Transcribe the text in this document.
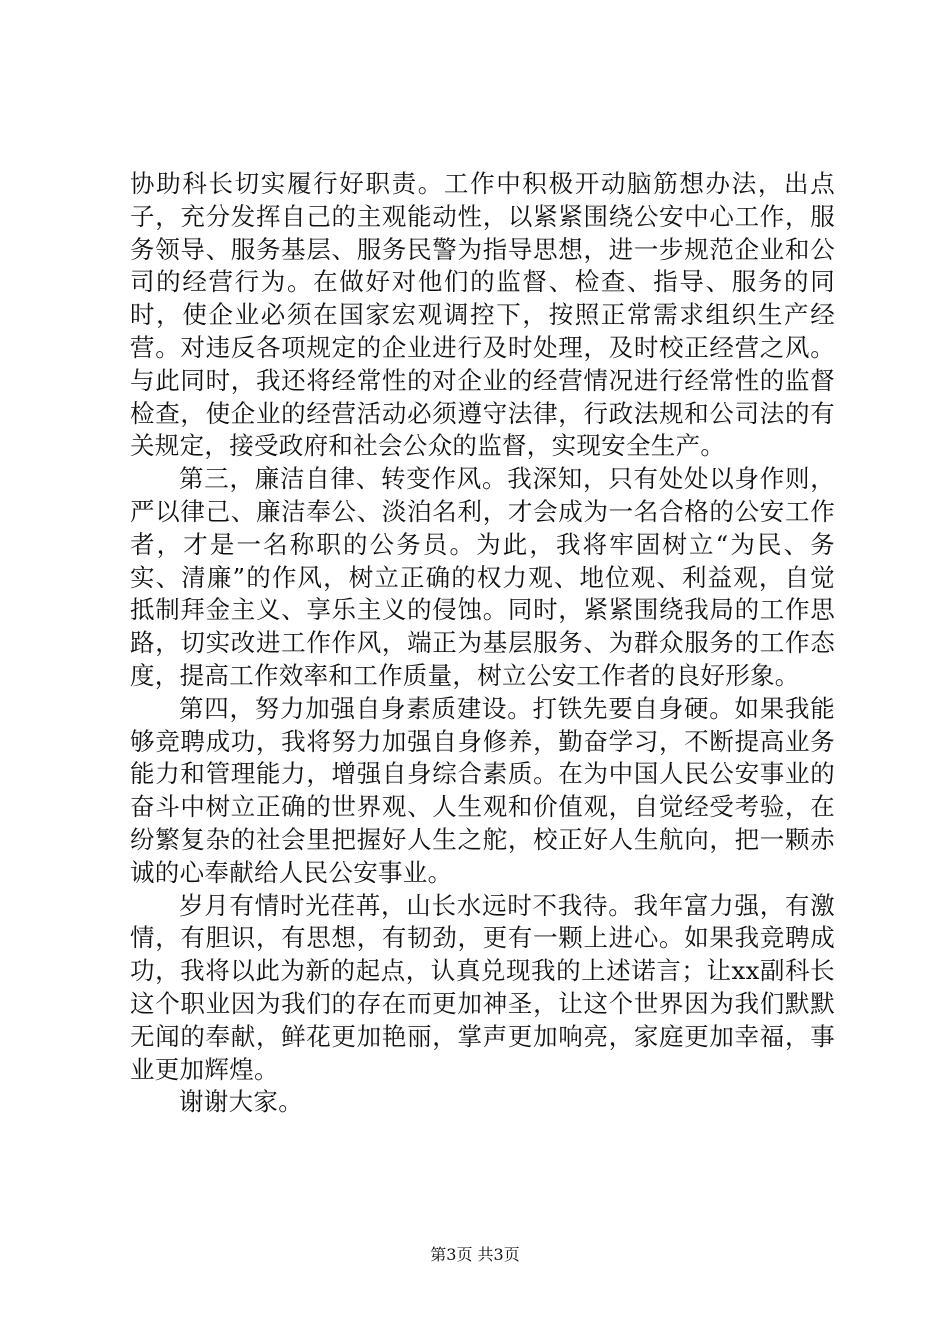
协助科长切实履行好职责。工作中积极开动脑筋想办法，出点子，充分发挥自己的主观能动性，以紧紧围绕公安中心工作，服务领导、服务基层、服务民警为指导思想，进一步规范企业和公司的经营行为。在做好对他们的监督、检查、指导、服务的同时，使企业必须在国家宏观调控下，按照正常需求组织生产经营。对违反各项规定的企业进行及时处理，及时校正经营之风。与此同时，我还将经常性的对企业的经营情况进行经常性的监督检查，使企业的经营活动必须遵守法律，行政法规和公司法的有关规定，接受政府和社会公众的监督，实现安全生产。

第三，廉洁自律、转变作风。我深知，只有处处以身作则，严以律己、廉洁奉公、淡泊名利，才会成为一名合格的公安工作者，才是一名称职的公务员。为此，我将牢固树立“为民、务实、清廉”的作风，树立正确的权力观、地位观、利益观，自觉抵制拜金主义、享乐主义的侵蚀。同时，紧紧围绕我局的工作思路，切实改进工作作风，端正为基层服务、为群众服务的工作态度，提高工作效率和工作质量，树立公安工作者的良好形象。

第四，努力加强自身素质建设。打铁先要自身硬。如果我能够竞聘成功，我将努力加强自身修养，勤奋学习，不断提高业务能力和管理能力，增强自身综合素质。在为中国人民公安事业的奋斗中树立正确的世界观、人生观和价值观，自觉经受考验，在纷繁复杂的社会里把握好人生之舵，校正好人生航向，把一颗赤诚的心奉献给人民公安事业。

岁月有情时光荏苒，山长水远时不我待。我年富力强，有激情，有胆识，有思想，有韧劲，更有一颗上进心。如果我竞聘成功，我将以此为新的起点，认真兑现我的上述诺言；让xx副科长这个职业因为我们的存在而更加神圣，让这个世界因为我们默默无闻的奉献，鲜花更加艳丽，掌声更加响亮，家庭更加幸福，事业更加辉煌。

谢谢大家。

第3页 共3页
